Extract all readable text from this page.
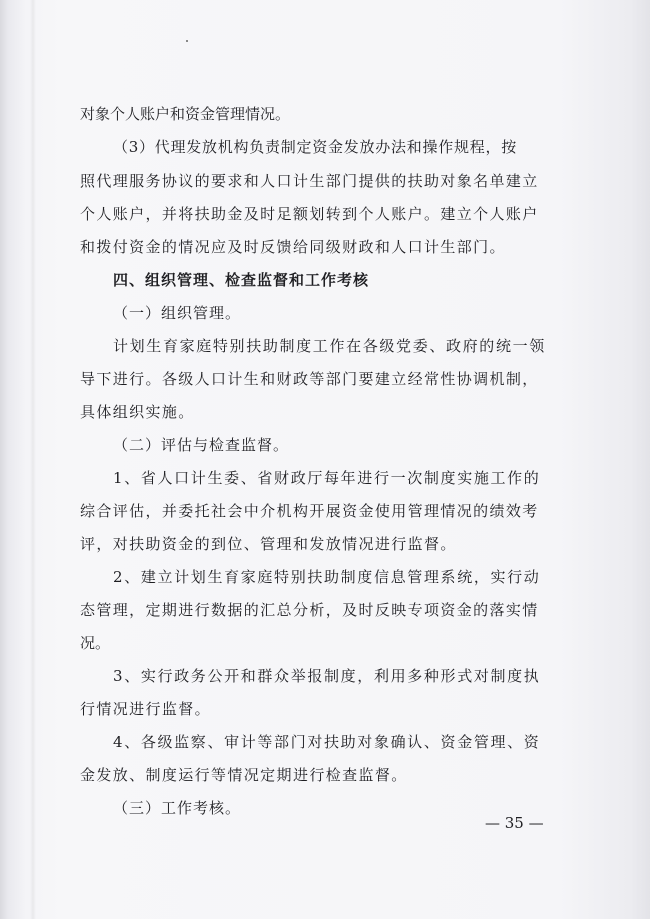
对象个人账户和资金管理情况。
（3）代理发放机构负责制定资金发放办法和操作规程，按
照代理服务协议的要求和人口计生部门提供的扶助对象名单建立
个人账户，并将扶助金及时足额划转到个人账户。建立个人账户
和拨付资金的情况应及时反馈给同级财政和人口计生部门。
四、组织管理、检查监督和工作考核
（一）组织管理。
计划生育家庭特别扶助制度工作在各级党委、政府的统一领
导下进行。各级人口计生和财政等部门要建立经常性协调机制，
具体组织实施。
（二）评估与检查监督。
1、省人口计生委、省财政厅每年进行一次制度实施工作的
综合评估，并委托社会中介机构开展资金使用管理情况的绩效考
评，对扶助资金的到位、管理和发放情况进行监督。
2、建立计划生育家庭特别扶助制度信息管理系统，实行动
态管理，定期进行数据的汇总分析，及时反映专项资金的落实情
况。
3、实行政务公开和群众举报制度，利用多种形式对制度执
行情况进行监督。
4、各级监察、审计等部门对扶助对象确认、资金管理、资
金发放、制度运行等情况定期进行检查监督。
（三）工作考核。
— 35 —
